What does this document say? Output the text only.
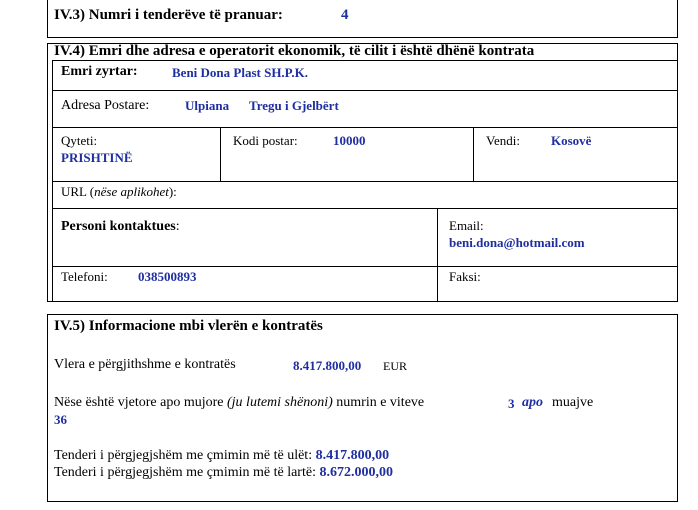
IV.3) Numri i tenderëve të pranuar:	4
IV.4) Emri dhe adresa e operatorit ekonomik, të cilit i është dhënë kontrata
Emri zyrtar:	Beni Dona Plast SH.P.K.
Adresa Postare:	Ulpiana Tregu i Gjelbërt
Qyteti:
PRISHTINË
Kodi postar:	10000	Vendi: Kosovë
URL (nëse aplikohet):
Personi kontaktues:	Email:
beni.dona@hotmail.com
Telefoni: 038500893	Faksi:
IV.5) Informacione mbi vlerën e kontratës
Vlera e përgjithshme e kontratës	8.417.800,00 EUR
Nëse është vjetore apo mujore (ju lutemi shënoni) numrin e viteve	3 apo muajve
36
Tenderi i përgjegjshëm me çmimin më të ulët: 8.417.800,00
Tenderi i përgjegjshëm me çmimin më të lartë: 8.672.000,00
